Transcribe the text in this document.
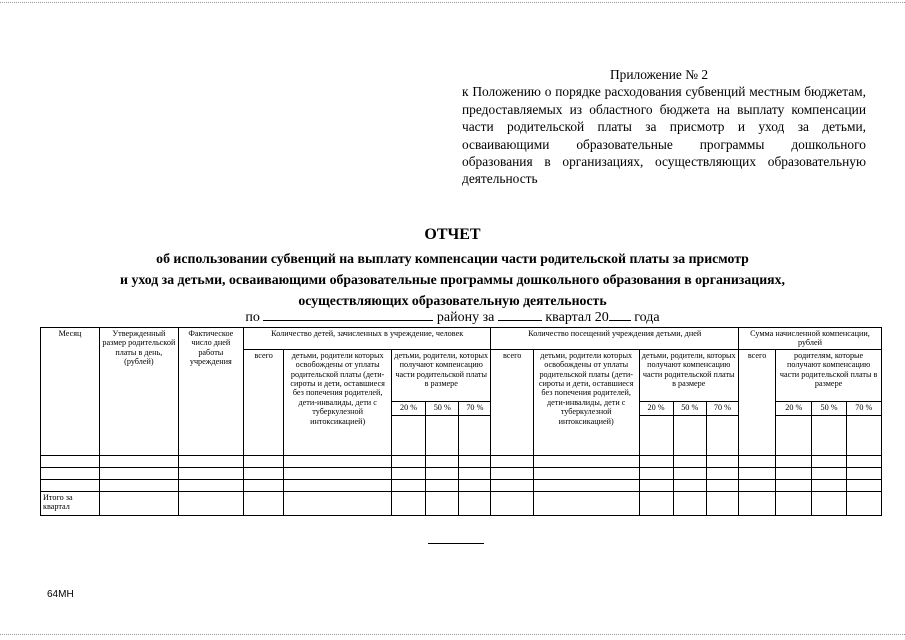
Приложение № 2
к Положению о порядке расходования субвенций местным бюджетам, предоставляемых из областного бюджета на выплату компенсации части родительской платы за присмотр и уход за детьми, осваивающими образовательные программы дошкольного образования в организациях, осуществляющих образовательную деятельность
ОТЧЕТ
об использовании субвенций на выплату компенсации части родительской платы за присмотр
и уход за детьми, осваивающими образовательные программы дошкольного образования в организациях,
осуществляющих образовательную деятельность
по	району за	квартал 20 года
Месяц	Утвержденный размер родительской платы в день, (рублей)	Фактическое число дней работы учреждения	Количество детей, зачисленных в учреждение, человек					Количество посещений учреждения детьми, дней					Сумма начисленной компенсации, рублей			
			всего	детьми, родители которых освобождены от уплаты родительской платы (дети-сироты и дети, оставшиеся без попечения родителей, дети-инвалиды, дети с туберкулезной интоксикацией)	детьми, родители, которых получают компенсацию части родительской платы в размере			всего	детьми, родители которых освобождены от уплаты родительской платы (дети-сироты и дети, оставшиеся без попечения родителей, дети-инвалиды, дети с туберкулезной интоксикацией)	детьми, родители, которых получают компенсацию части родительской платы в размере			всего	родителям, которые получают компенсацию части родительской платы в размере		
					20 %	50 %	70 %			20 %	50 %	70 %		20 %	50 %	70 %

Итого за квартал																
64МН
